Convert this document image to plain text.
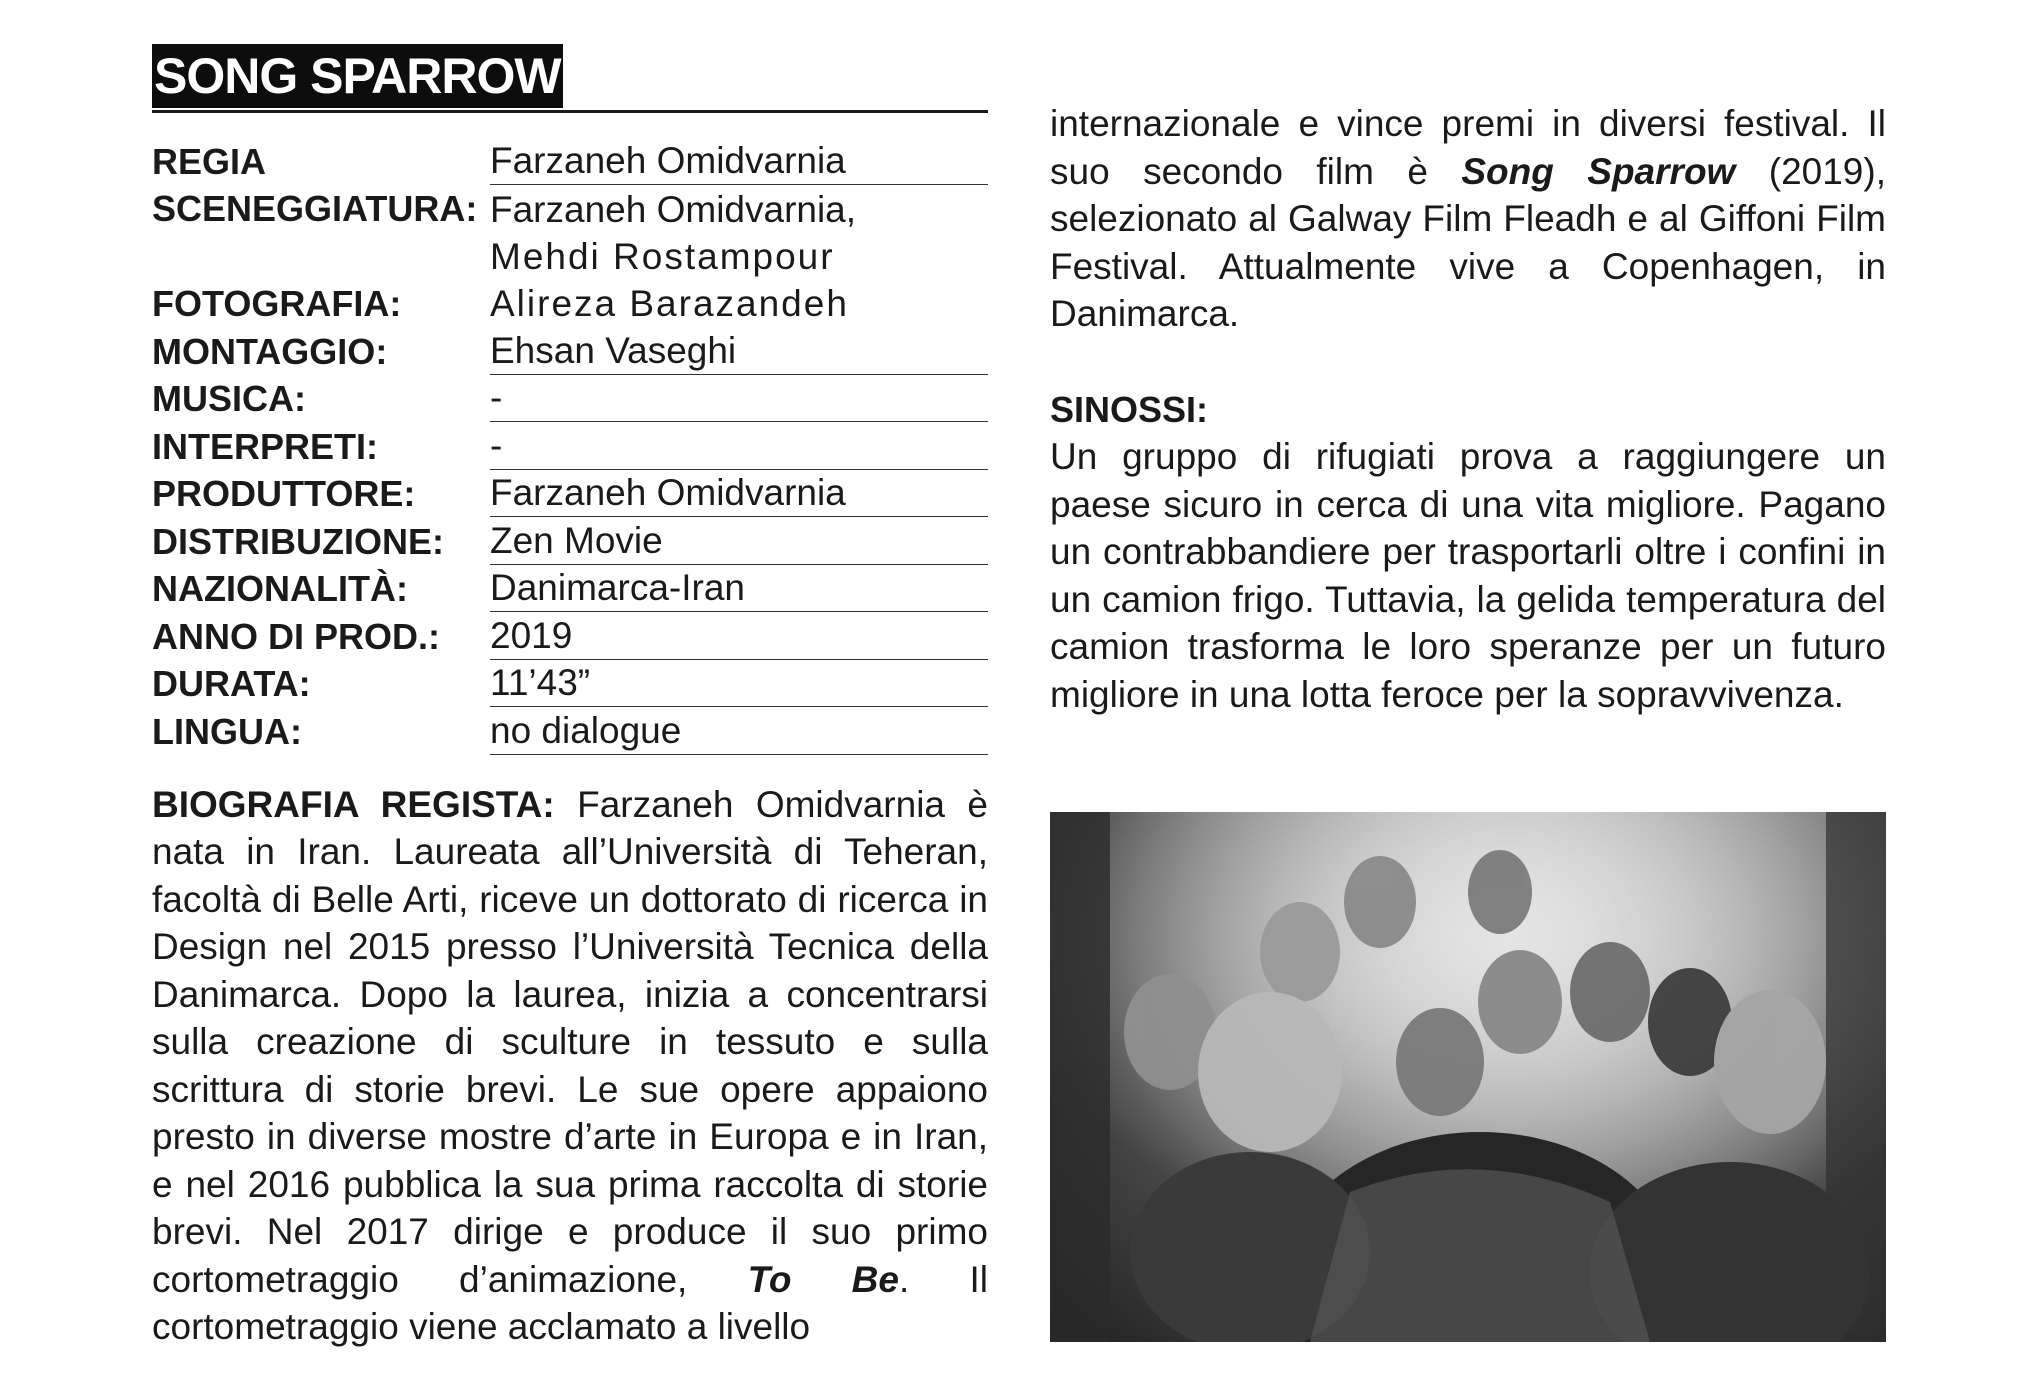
SONG SPARROW
REGIA	Farzaneh Omidvarnia
SCENEGGIATURA: Farzaneh Omidvarnia,
Mehdi Rostampour
FOTOGRAFIA:	Alireza Barazandeh
MONTAGGIO:	Ehsan Vaseghi
MUSICA:	-
INTERPRETI:	-
PRODUTTORE:	Farzaneh Omidvarnia
DISTRIBUZIONE:	Zen Movie
NAZIONALITÀ:	Danimarca-Iran
ANNO DI PROD.:	2019
DURATA:	11’43”
LINGUA:	no dialogue
BIOGRAFIA REGISTA: Farzaneh Omidvarnia è nata in Iran. Laureata all’Università di Teheran, facoltà di Belle Arti, riceve un dottorato di ricerca in Design nel 2015 presso l’Università Tecnica della Danimarca. Dopo la laurea, inizia a concentrarsi sulla creazione di sculture in tessuto e sulla scrittura di storie brevi. Le sue opere appaiono presto in diverse mostre d’arte in Europa e in Iran, e nel 2016 pubblica la sua prima raccolta di storie brevi. Nel 2017 dirige e produce il suo primo cortometraggio d’animazione, To Be. Il cortometraggio viene acclamato a livello
internazionale e vince premi in diversi festival. Il suo secondo film è Song Sparrow (2019), selezionato al Galway Film Fleadh e al Giffoni Film Festival. Attualmente vive a Copenhagen, in Danimarca.
SINOSSI:
Un gruppo di rifugiati prova a raggiungere un paese sicuro in cerca di una vita migliore. Pagano un contrabbandiere per trasportarli oltre i confini in un camion frigo. Tuttavia, la gelida temperatura del camion trasforma le loro speranze per un futuro migliore in una lotta feroce per la sopravvivenza.
